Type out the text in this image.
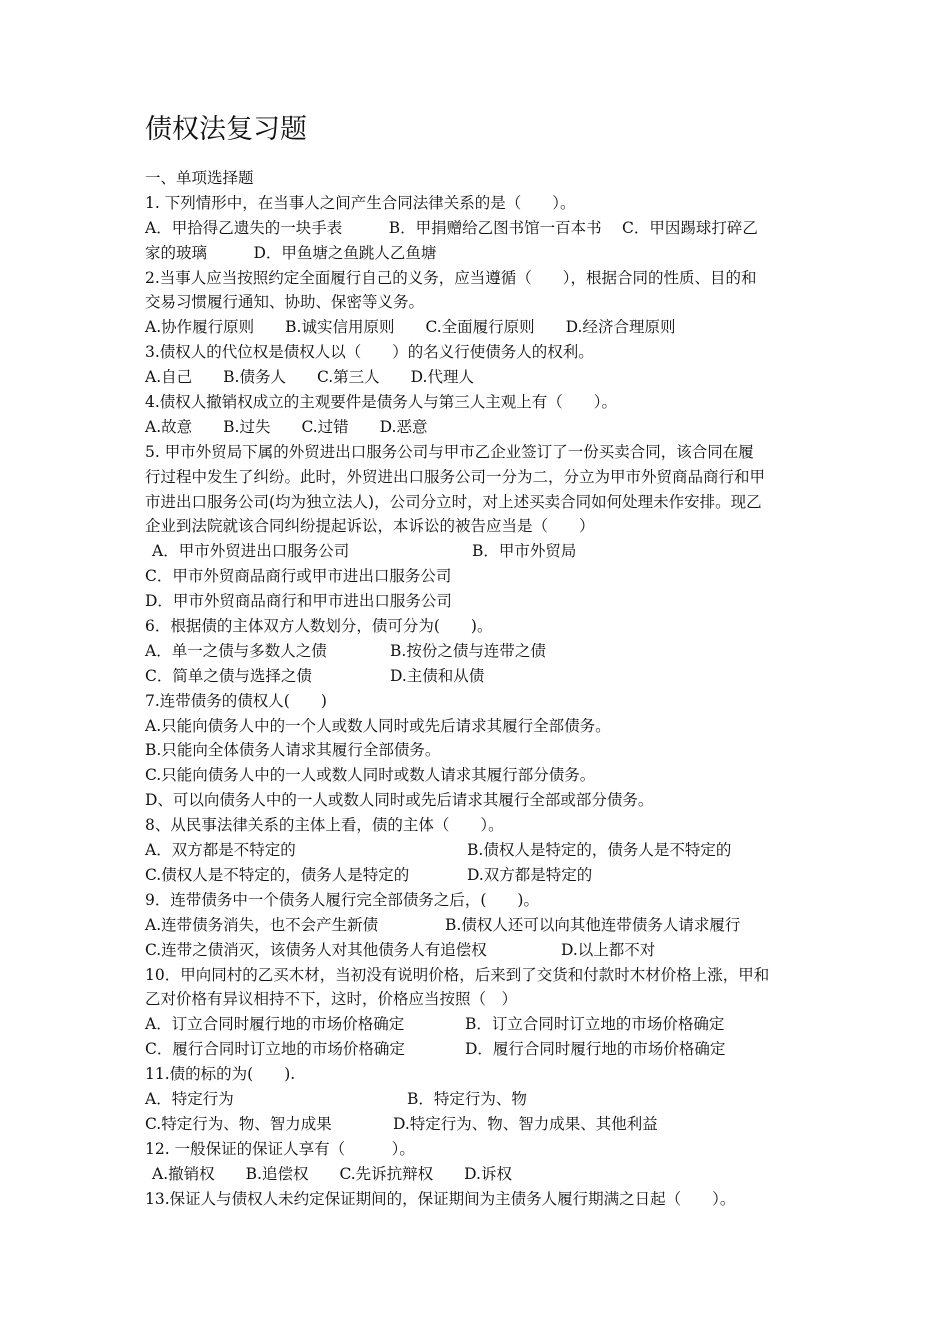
债权法复习题
一、单项选择题
1. 下列情形中，在当事人之间产生合同法律关系的是（　　）。
A．甲拾得乙遗失的一块手表　　　B．甲捐赠给乙图书馆一百本书　 C．甲因踢球打碎乙
家的玻璃　　　D．甲鱼塘之鱼跳人乙鱼塘
2.当事人应当按照约定全面履行自己的义务，应当遵循（　　），根据合同的性质、目的和
交易习惯履行通知、协助、保密等义务。
A.协作履行原则　　B.诚实信用原则　　C.全面履行原则　　D.经济合理原则
3.债权人的代位权是债权人以（　　）的名义行使债务人的权利。
A.自己　　B.债务人　　C.第三人　　D.代理人
4.债权人撤销权成立的主观要件是债务人与第三人主观上有（　　）。
A.故意　　B.过失　　C.过错　　D.恶意
5. 甲市外贸局下属的外贸进出口服务公司与甲市乙企业签订了一份买卖合同，该合同在履
行过程中发生了纠纷。此时，外贸进出口服务公司一分为二，分立为甲市外贸商品商行和甲
市进出口服务公司(均为独立法人)，公司分立时，对上述买卖合同如何处理未作安排。现乙
企业到法院就该合同纠纷提起诉讼，本诉讼的被告应当是（　　）
A．甲市外贸进出口服务公司	B．甲市外贸局
C．甲市外贸商品商行或甲市进出口服务公司
D．甲市外贸商品商行和甲市进出口服务公司
6．根据债的主体双方人数划分，债可分为(　　)。
A．单一之债与多数人之债	B.按份之债与连带之债
C．简单之债与选择之债	D.主债和从债
7.连带债务的债权人(　　)
A.只能向债务人中的一个人或数人同时或先后请求其履行全部债务。
B.只能向全体债务人请求其履行全部债务。
C.只能向债务人中的一人或数人同时或数人请求其履行部分债务。
D、可以向债务人中的一人或数人同时或先后请求其履行全部或部分债务。
8、从民事法律关系的主体上看，债的主体（　　）。
A．双方都是不特定的	B.债权人是特定的，债务人是不特定的
C.债权人是不特定的，债务人是特定的	D.双方都是特定的
9．连带债务中一个债务人履行完全部债务之后，(　　)。
A.连带债务消失，也不会产生新债	B.债权人还可以向其他连带债务人请求履行
C.连带之债消灭，该债务人对其他债务人有追偿权	D.以上都不对
10．甲向同村的乙买木材，当初没有说明价格，后来到了交货和付款时木材价格上涨，甲和
乙对价格有异议相持不下，这时，价格应当按照（　）
A．订立合同时履行地的市场价格确定	B．订立合同时订立地的市场价格确定
C．履行合同时订立地的市场价格确定	D．履行合同时履行地的市场价格确定
11.债的标的为(　　).
A．特定行为	B．特定行为、物
C.特定行为、物、智力成果	D.特定行为、物、智力成果、其他利益
12. 一般保证的保证人享有（　　　）。
A.撤销权　　B.追偿权　　C.先诉抗辩权　　D.诉权
13.保证人与债权人未约定保证期间的，保证期间为主债务人履行期满之日起（　　）。
